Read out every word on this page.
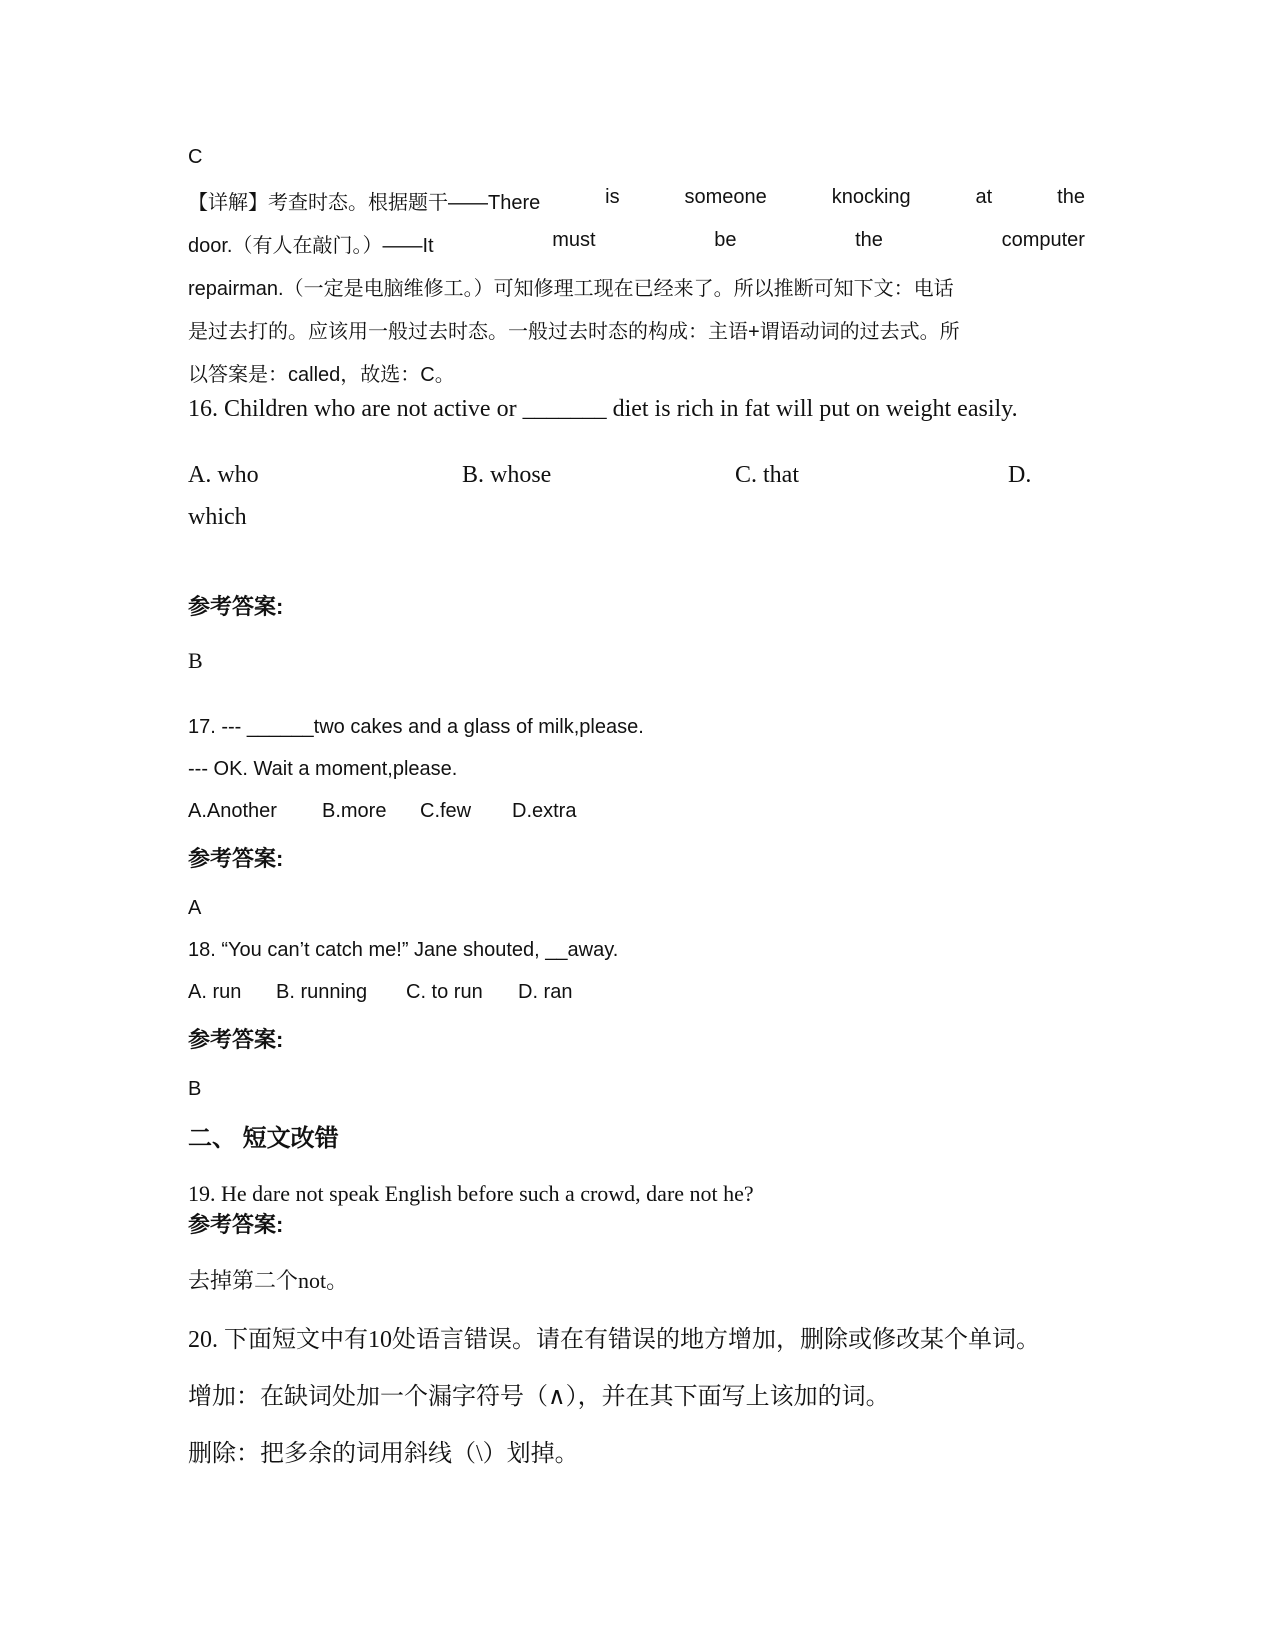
C
【详解】考查时态。根据题干——There	is	someone	knocking	at	the
door.（有人在敲门。）——It	must	be	the	computer
repairman.（一定是电脑维修工。）可知修理工现在已经来了。所以推断可知下文：电话
是过去打的。应该用一般过去时态。一般过去时态的构成：主语+谓语动词的过去式。所
以答案是：called，故选：C。
16. Children who are not active or _______ diet is rich in fat will put on weight easily.
A. who	B. whose	C. that	D.
which
参考答案:
B
17. --- ______two cakes and a glass of milk,please.
--- OK. Wait a moment,please.
A.Another B.more C.few D.extra
参考答案:
A
18. “You can’t catch me!” Jane shouted, __away.
A. run B. running C. to run D. ran
参考答案:
B
二、 短文改错
19. He dare not speak English before such a crowd, dare not he?
参考答案:
去掉第二个not。
20. 下面短文中有10处语言错误。请在有错误的地方增加，删除或修改某个单词。
增加：在缺词处加一个漏字符号（∧），并在其下面写上该加的词。
删除：把多余的词用斜线（\）划掉。
